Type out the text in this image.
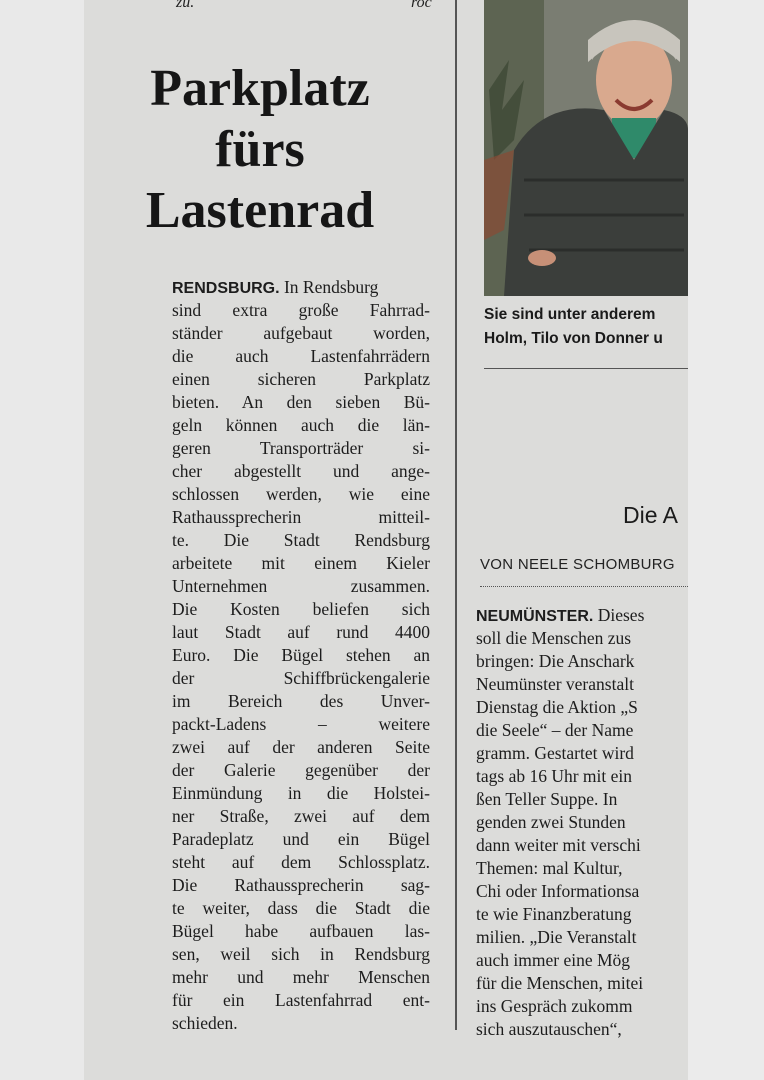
zu.	roc
Parkplatz
fürs
Lastenrad
RENDSBURG. In Rendsburg
sind extra große Fahrrad-
ständer aufgebaut worden,
die auch Lastenfahrrädern
einen sicheren Parkplatz
bieten. An den sieben Bü-
geln können auch die län-
geren Transporträder si-
cher abgestellt und ange-
schlossen werden, wie eine
Rathaussprecherin mitteil-
te. Die Stadt Rendsburg
arbeitete mit einem Kieler
Unternehmen zusammen.
Die Kosten beliefen sich
laut Stadt auf rund 4400
Euro. Die Bügel stehen an
der Schiffbrückengalerie
im Bereich des Unver-
packt-Ladens – weitere
zwei auf der anderen Seite
der Galerie gegenüber der
Einmündung in die Holstei-
ner Straße, zwei auf dem
Paradeplatz und ein Bügel
steht auf dem Schlossplatz.
Die Rathaussprecherin sag-
te weiter, dass die Stadt die
Bügel habe aufbauen las-
sen, weil sich in Rendsburg
mehr und mehr Menschen
für ein Lastenfahrrad ent-
schieden.
Sie sind unter anderem
Holm, Tilo von Donner u
Die A
VON NEELE SCHOMBURG
NEUMÜNSTER. Dieses
soll die Menschen zus
bringen: Die Anschark
Neumünster veranstalt
Dienstag die Aktion „S
die Seele“ – der Name
gramm. Gestartet wird
tags ab 16 Uhr mit ein
ßen Teller Suppe. In
genden zwei Stunden
dann weiter mit verschi
Themen: mal Kultur,
Chi oder Informationsa
te wie Finanzberatung
milien. „Die Veranstalt
auch immer eine Mög
für die Menschen, mitei
ins Gespräch zukomm
sich auszutauschen“,
